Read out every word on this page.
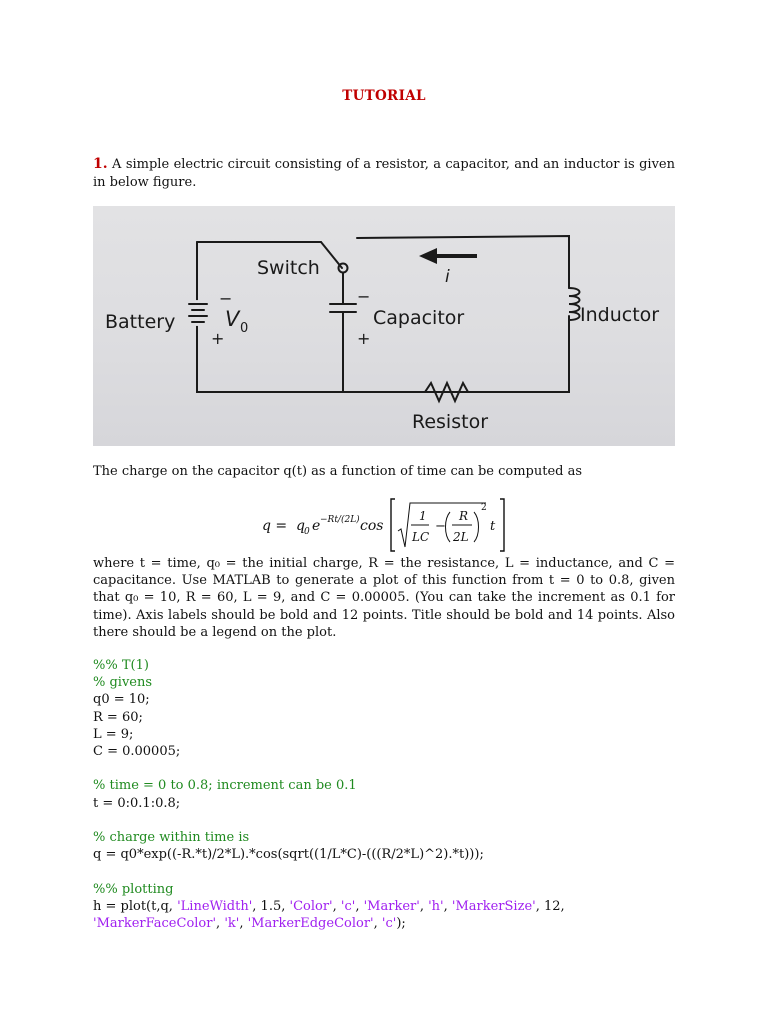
TUTORIAL
1. A simple electric circuit consisting of a resistor, a capacitor, and an inductor is given in below figure.
Switch	i
Battery V 0
−
+
−
+
Capacitor	Inductor
Resistor
The charge on the capacitor q(t) as a function of time can be computed as
q = q 0 e −Rt/(2L) cos
1
LC
−
R
2L
2
t
where t = time, q₀ = the initial charge, R = the resistance, L = inductance, and C = capacitance. Use MATLAB to generate a plot of this function from t = 0 to 0.8, given that q₀ = 10, R = 60, L = 9, and C = 0.00005. (You can take the increment as 0.1 for time). Axis labels should be bold and 12 points. Title should be bold and 14 points. Also there should be a legend on the plot.
%% T(1)
% givens
q0 = 10;
R = 60;
L = 9;
C = 0.00005;
% time = 0 to 0.8; increment can be 0.1
t = 0:0.1:0.8;
% charge within time is
q = q0*exp((-R.*t)/2*L).*cos(sqrt((1/L*C)-(((R/2*L)^2).*t)));
%% plotting
h = plot(t,q, 'LineWidth', 1.5, 'Color', 'c', 'Marker', 'h', 'MarkerSize', 12,
'MarkerFaceColor', 'k', 'MarkerEdgeColor', 'c');
